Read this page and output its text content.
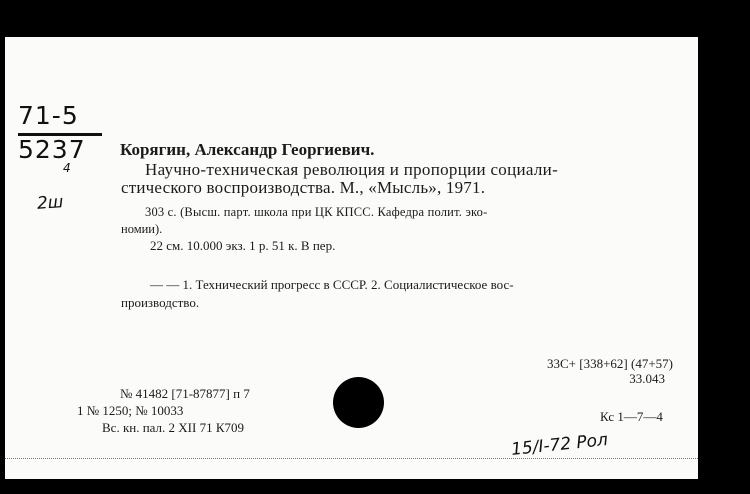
71-5
5237
4
2ш
Корягин, Александр Георгиевич.
Научно-техническая революция и пропорции социали-
стического воспроизводства. М., «Мысль», 1971.
303 с. (Высш. парт. школа при ЦК КПСС. Кафедра полит. эко-
номии).
22 см. 10.000 экз. 1 р. 51 к. В пер.
— — 1. Технический прогресс в СССР. 2. Социалистическое вос-
производство.
33С+ [338+62] (47+57)
33.043
№ 41482 [71-87877] п 7
1 № 1250; № 10033
Вс. кн. пал. 2 XII 71 К709
Кс 1—7—4
15/I-72 Рол
